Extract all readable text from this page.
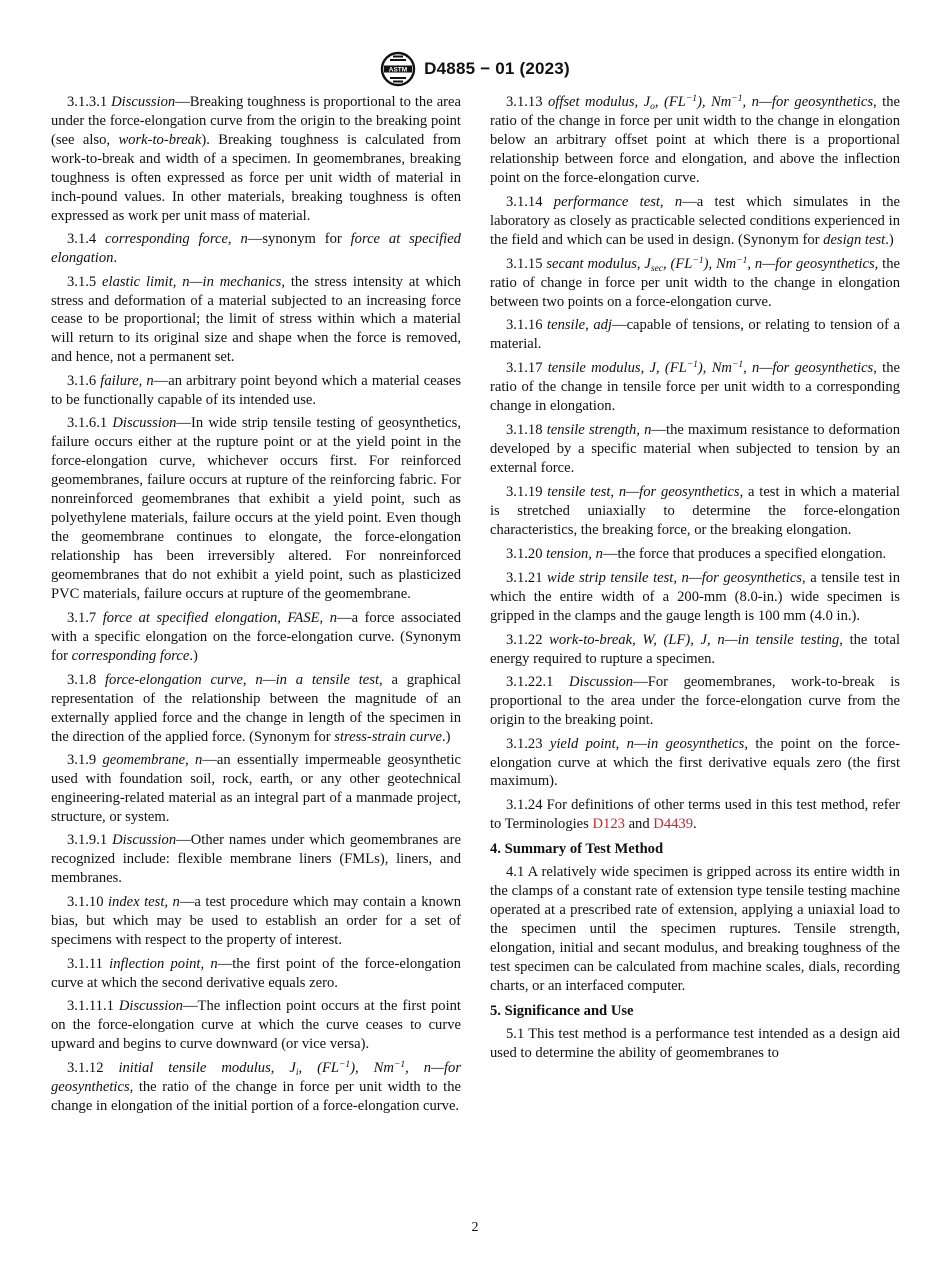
ASTM D4885 − 01 (2023)

3.1.3.1 Discussion—Breaking toughness is proportional to the area under the force-elongation curve from the origin to the breaking point (see also, work-to-break). Breaking toughness is calculated from work-to-break and width of a specimen. In geomembranes, breaking toughness is often expressed as force per unit width of material in inch-pound values. In other materials, breaking toughness is often expressed as work per unit mass of material.

3.1.4 corresponding force, n—synonym for force at specified elongation.

3.1.5 elastic limit, n—in mechanics, the stress intensity at which stress and deformation of a material subjected to an increasing force cease to be proportional; the limit of stress within which a material will return to its original size and shape when the force is removed, and hence, not a permanent set.

3.1.6 failure, n—an arbitrary point beyond which a material ceases to be functionally capable of its intended use.

3.1.6.1 Discussion—In wide strip tensile testing of geosynthetics, failure occurs either at the rupture point or at the yield point in the force-elongation curve, whichever occurs first. For reinforced geomembranes, failure occurs at rupture of the reinforcing fabric. For nonreinforced geomembranes that exhibit a yield point, such as polyethylene materials, failure occurs at the yield point. Even though the geomembrane continues to elongate, the force-elongation relationship has been irreversibly altered. For nonreinforced geomembranes that do not exhibit a yield point, such as plasticized PVC materials, failure occurs at rupture of the geomembrane.

3.1.7 force at specified elongation, FASE, n—a force associated with a specific elongation on the force-elongation curve. (Synonym for corresponding force.)

3.1.8 force-elongation curve, n—in a tensile test, a graphical representation of the relationship between the magnitude of an externally applied force and the change in length of the specimen in the direction of the applied force. (Synonym for stress-strain curve.)

3.1.9 geomembrane, n—an essentially impermeable geosynthetic used with foundation soil, rock, earth, or any other geotechnical engineering-related material as an integral part of a manmade project, structure, or system.

3.1.9.1 Discussion—Other names under which geomembranes are recognized include: flexible membrane liners (FMLs), liners, and membranes.

3.1.10 index test, n—a test procedure which may contain a known bias, but which may be used to establish an order for a set of specimens with respect to the property of interest.

3.1.11 inflection point, n—the first point of the force-elongation curve at which the second derivative equals zero.

3.1.11.1 Discussion—The inflection point occurs at the first point on the force-elongation curve at which the curve ceases to curve upward and begins to curve downward (or vice versa).

3.1.12 initial tensile modulus, $J_i$, $(FL^{-1})$, $Nm^{-1}$, n—for geosynthetics, the ratio of the change in force per unit width to the change in elongation of the initial portion of a force-elongation curve.

3.1.13 offset modulus, $J_o$, $(FL^{-1})$, $Nm^{-1}$, n—for geosynthetics, the ratio of the change in force per unit width to the change in elongation below an arbitrary offset point at which there is a proportional relationship between force and elongation, and above the inflection point on the force-elongation curve.

3.1.14 performance test, n—a test which simulates in the laboratory as closely as practicable selected conditions experienced in the field and which can be used in design. (Synonym for design test.)

3.1.15 secant modulus, $J_{sec}$, $(FL^{-1})$, $Nm^{-1}$, n—for geosynthetics, the ratio of change in force per unit width to the change in elongation between two points on a force-elongation curve.

3.1.16 tensile, adj—capable of tensions, or relating to tension of a material.

3.1.17 tensile modulus, J, $(FL^{-1})$, $Nm^{-1}$, n—for geosynthetics, the ratio of the change in tensile force per unit width to a corresponding change in elongation.

3.1.18 tensile strength, n—the maximum resistance to deformation developed by a specific material when subjected to tension by an external force.

3.1.19 tensile test, n—for geosynthetics, a test in which a material is stretched uniaxially to determine the force-elongation characteristics, the breaking force, or the breaking elongation.

3.1.20 tension, n—the force that produces a specified elongation.

3.1.21 wide strip tensile test, n—for geosynthetics, a tensile test in which the entire width of a 200-mm (8.0-in.) wide specimen is gripped in the clamps and the gauge length is 100 mm (4.0 in.).

3.1.22 work-to-break, W, (LF), J, n—in tensile testing, the total energy required to rupture a specimen.

3.1.22.1 Discussion—For geomembranes, work-to-break is proportional to the area under the force-elongation curve from the origin to the breaking point.

3.1.23 yield point, n—in geosynthetics, the point on the force-elongation curve at which the first derivative equals zero (the first maximum).

3.1.24 For definitions of other terms used in this test method, refer to Terminologies D123 and D4439.

4. Summary of Test Method

4.1 A relatively wide specimen is gripped across its entire width in the clamps of a constant rate of extension type tensile testing machine operated at a prescribed rate of extension, applying a uniaxial load to the specimen until the specimen ruptures. Tensile strength, elongation, initial and secant modulus, and breaking toughness of the test specimen can be calculated from machine scales, dials, recording charts, or an interfaced computer.

5. Significance and Use

5.1 This test method is a performance test intended as a design aid used to determine the ability of geomembranes to

2
